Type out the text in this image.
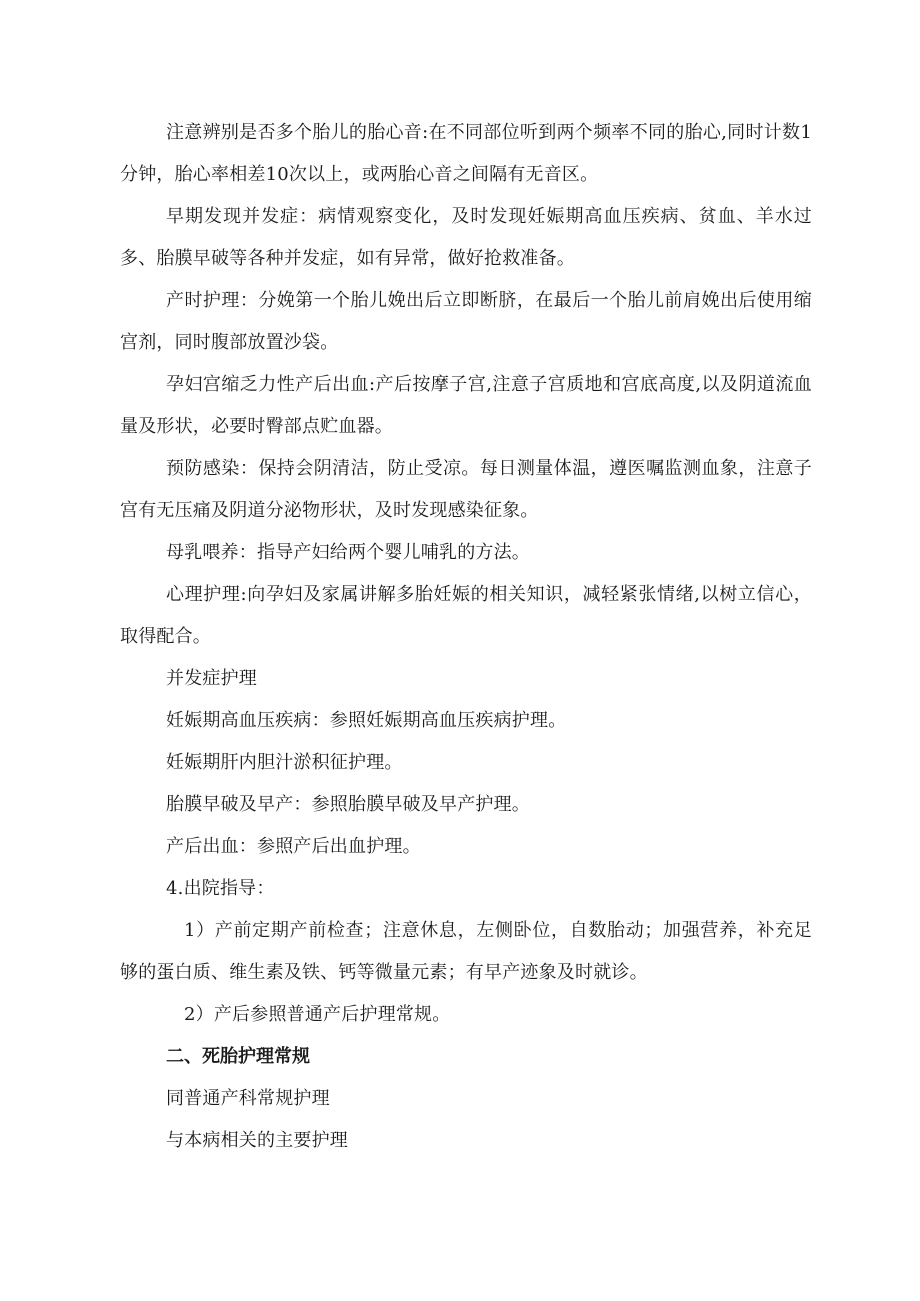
注意辨别是否多个胎儿的胎心音:在不同部位听到两个频率不同的胎心,同时计数1分钟，胎心率相差10次以上，或两胎心音之间隔有无音区。

早期发现并发症：病情观察变化，及时发现妊娠期高血压疾病、贫血、羊水过多、胎膜早破等各种并发症，如有异常，做好抢救准备。

产时护理：分娩第一个胎儿娩出后立即断脐，在最后一个胎儿前肩娩出后使用缩宫剂，同时腹部放置沙袋。

孕妇宫缩乏力性产后出血:产后按摩子宫,注意子宫质地和宫底高度,以及阴道流血量及形状，必要时臀部点贮血器。

预防感染：保持会阴清洁，防止受凉。每日测量体温，遵医嘱监测血象，注意子宫有无压痛及阴道分泌物形状，及时发现感染征象。

母乳喂养：指导产妇给两个婴儿哺乳的方法。

心理护理:向孕妇及家属讲解多胎妊娠的相关知识，减轻紧张情绪,以树立信心，取得配合。

并发症护理

妊娠期高血压疾病：参照妊娠期高血压疾病护理。

妊娠期肝内胆汁淤积征护理。

胎膜早破及早产：参照胎膜早破及早产护理。

产后出血：参照产后出血护理。

4.出院指导：

1）产前定期产前检查；注意休息，左侧卧位，自数胎动；加强营养，补充足够的蛋白质、维生素及铁、钙等微量元素；有早产迹象及时就诊。

2）产后参照普通产后护理常规。

二、死胎护理常规

同普通产科常规护理

与本病相关的主要护理
